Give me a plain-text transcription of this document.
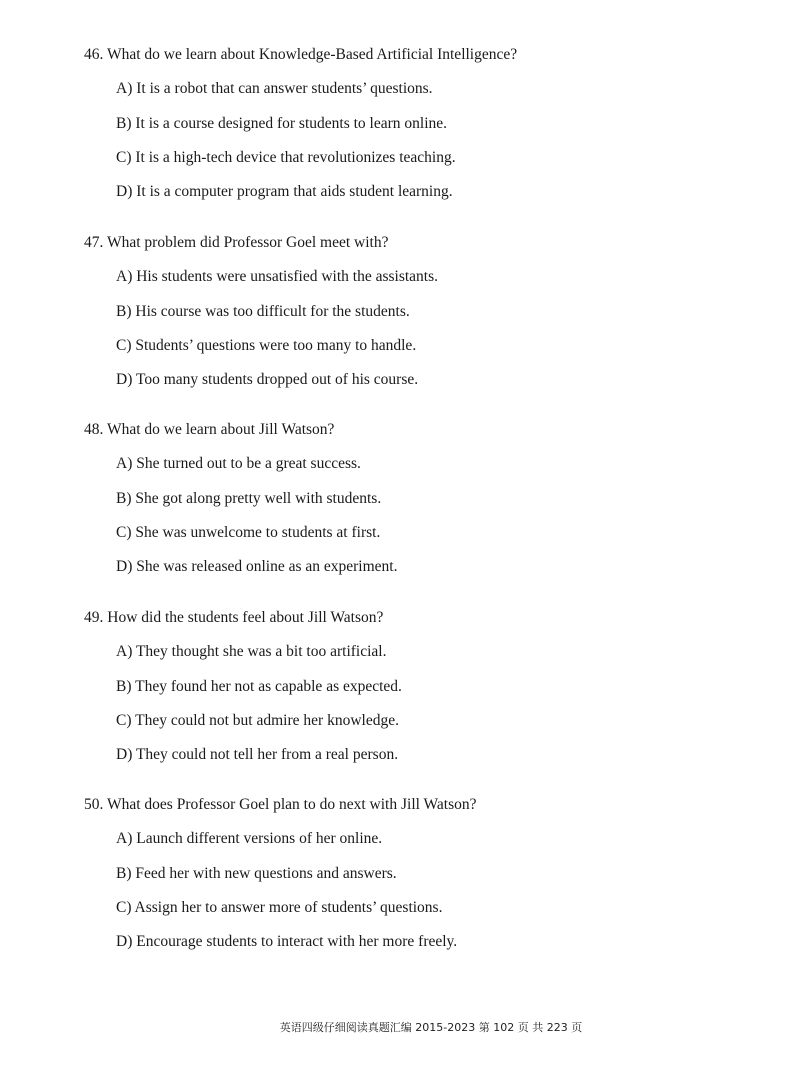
46. What do we learn about Knowledge-Based Artificial Intelligence?
A) It is a robot that can answer students’ questions.
B) It is a course designed for students to learn online.
C) It is a high-tech device that revolutionizes teaching.
D) It is a computer program that aids student learning.
47. What problem did Professor Goel meet with?
A) His students were unsatisfied with the assistants.
B) His course was too difficult for the students.
C) Students’ questions were too many to handle.
D) Too many students dropped out of his course.
48. What do we learn about Jill Watson?
A) She turned out to be a great success.
B) She got along pretty well with students.
C) She was unwelcome to students at first.
D) She was released online as an experiment.
49. How did the students feel about Jill Watson?
A) They thought she was a bit too artificial.
B) They found her not as capable as expected.
C) They could not but admire her knowledge.
D) They could not tell her from a real person.
50. What does Professor Goel plan to do next with Jill Watson?
A) Launch different versions of her online.
B) Feed her with new questions and answers.
C) Assign her to answer more of students’ questions.
D) Encourage students to interact with her more freely.
英语四级仔细阅读真题汇编 2015-2023 第 102 页 共 223 页
